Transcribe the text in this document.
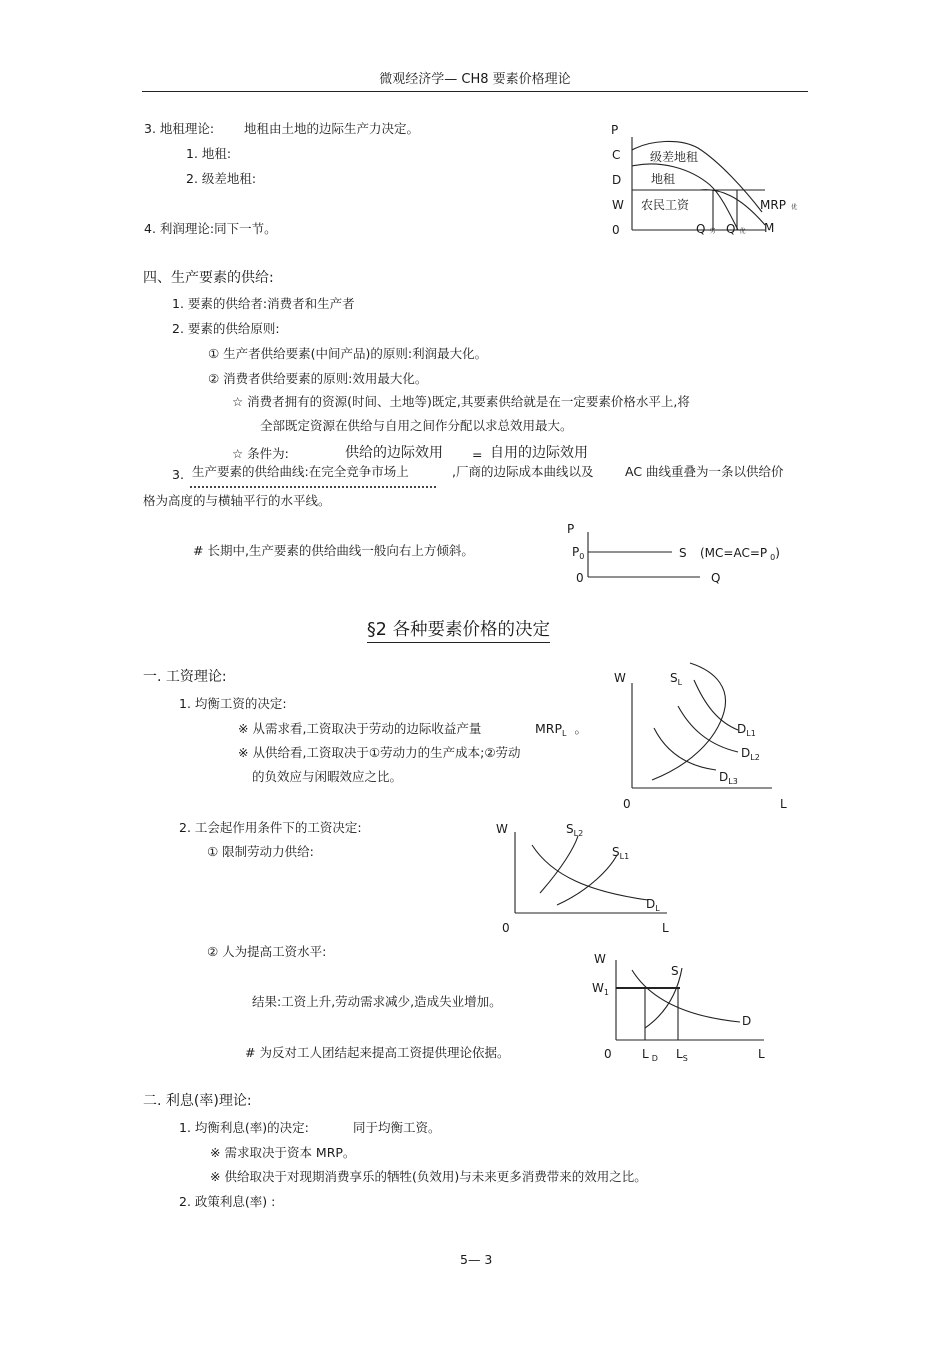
微观经济学— CH8 要素价格理论
3. 地租理论: 地租由土地的边际生产力决定。
1. 地租:
2. 级差地租:
4. 利润理论:同下一节。
P
C
D
W
0
级差地租
地租
农民工资	MRP 优
Q劣 Q优 M
四、生产要素的供给:
1. 要素的供给者:消费者和生产者
2. 要素的供给原则:
① 生产者供给要素(中间产品)的原则:利润最大化。
② 消费者供给要素的原则:效用最大化。
☆ 消费者拥有的资源(时间、土地等)既定,其要素供给就是在一定要素价格水平上,将
全部既定资源在供给与自用之间作分配以求总效用最大。
☆ 条件为:	供给的边际效用 = 自用的边际效用
3. 生产要素的供给曲线:在完全竞争市场上	,厂商的边际成本曲线以及	AC 曲线重叠为一条以供给价
格为高度的与横轴平行的水平线。
# 长期中,生产要素的供给曲线一般向右上方倾斜。
P
$P_0$
0	Q
S (MC=AC=P $_0$)
§2 各种要素价格的决定
一. 工资理论:
1. 均衡工资的决定:
※ 从需求看,工资取决于劳动的边际收益产量	$MRP_L$ 。
※ 从供给看,工资取决于①劳动力的生产成本;②劳动
的负效应与闲暇效应之比。
W	$S_L$
$D_{L1}$
$D_{L2}$
$D_{L3}$
0	L
2. 工会起作用条件下的工资决定:
① 限制劳动力供给:
W	$S_{L2}$
$S_{L1}$
$D_L$
0	L
② 人为提高工资水平:
结果:工资上升,劳动需求减少,造成失业增加。
# 为反对工人团结起来提高工资提供理论依据。
W
$W_1$
S
D
0	L $_D$ $L_S$	L
二. 利息(率)理论:
1. 均衡利息(率)的决定:	同于均衡工资。
※ 需求取决于资本 MRP。
※ 供给取决于对现期消费享乐的牺牲(负效用)与未来更多消费带来的效用之比。
2. 政策利息(率) :
5— 3
